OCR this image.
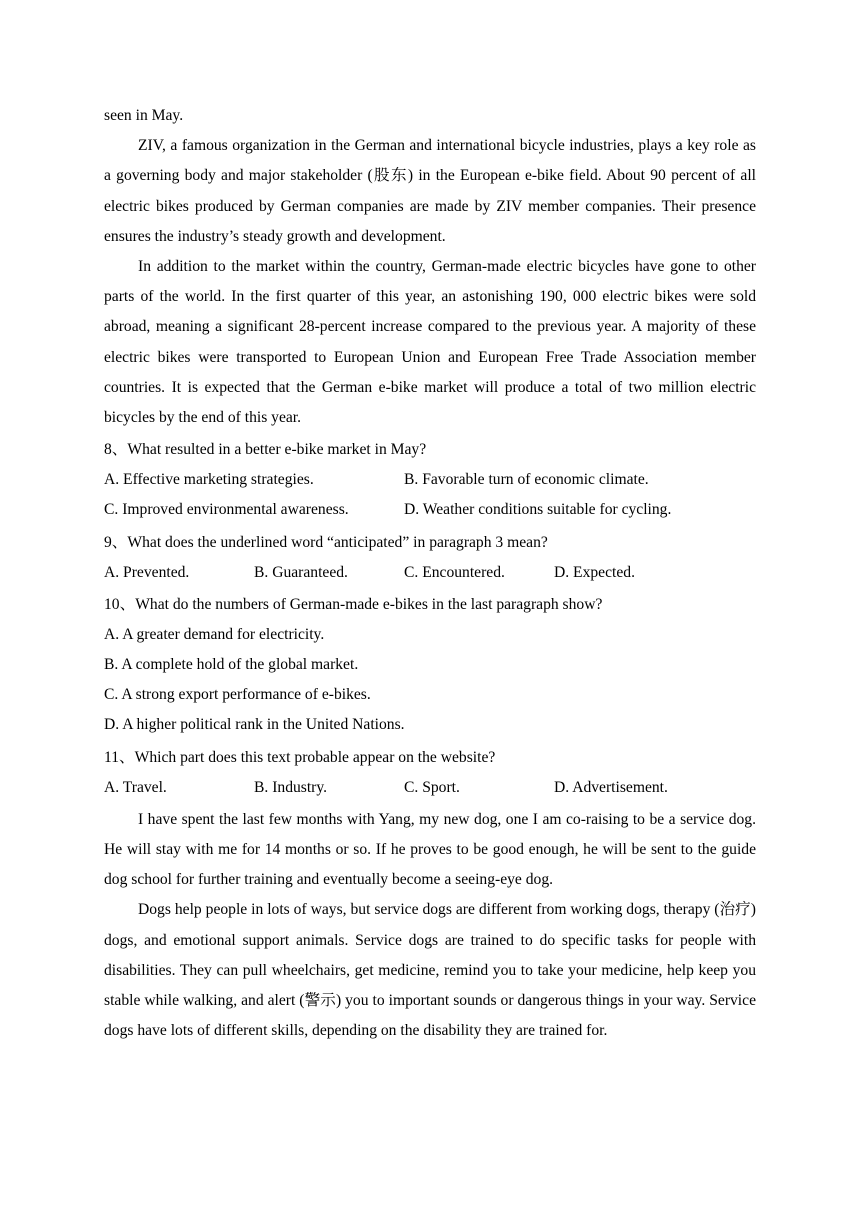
seen in May.

ZIV, a famous organization in the German and international bicycle industries, plays a key role as a governing body and major stakeholder (股东) in the European e-bike field. About 90 percent of all electric bikes produced by German companies are made by ZIV member companies. Their presence ensures the industry’s steady growth and development.

In addition to the market within the country, German-made electric bicycles have gone to other parts of the world. In the first quarter of this year, an astonishing 190, 000 electric bikes were sold abroad, meaning a significant 28-percent increase compared to the previous year. A majority of these electric bikes were transported to European Union and European Free Trade Association member countries. It is expected that the German e-bike market will produce a total of two million electric bicycles by the end of this year.

8、What resulted in a better e-bike market in May?

A. Effective marketing strategies.	B. Favorable turn of economic climate.
C. Improved environmental awareness.	D. Weather conditions suitable for cycling.

9、What does the underlined word “anticipated” in paragraph 3 mean?

A. Prevented.	B. Guaranteed.	C. Encountered.	D. Expected.

10、What do the numbers of German-made e-bikes in the last paragraph show?

A. A greater demand for electricity.

B. A complete hold of the global market.

C. A strong export performance of e-bikes.

D. A higher political rank in the United Nations.

11、Which part does this text probable appear on the website?

A. Travel.	B. Industry.	C. Sport.	D. Advertisement.

I have spent the last few months with Yang, my new dog, one I am co-raising to be a service dog. He will stay with me for 14 months or so. If he proves to be good enough, he will be sent to the guide dog school for further training and eventually become a seeing-eye dog.

Dogs help people in lots of ways, but service dogs are different from working dogs, therapy (治疗) dogs, and emotional support animals. Service dogs are trained to do specific tasks for people with disabilities. They can pull wheelchairs, get medicine, remind you to take your medicine, help keep you stable while walking, and alert (警示) you to important sounds or dangerous things in your way. Service dogs have lots of different skills, depending on the disability they are trained for.
